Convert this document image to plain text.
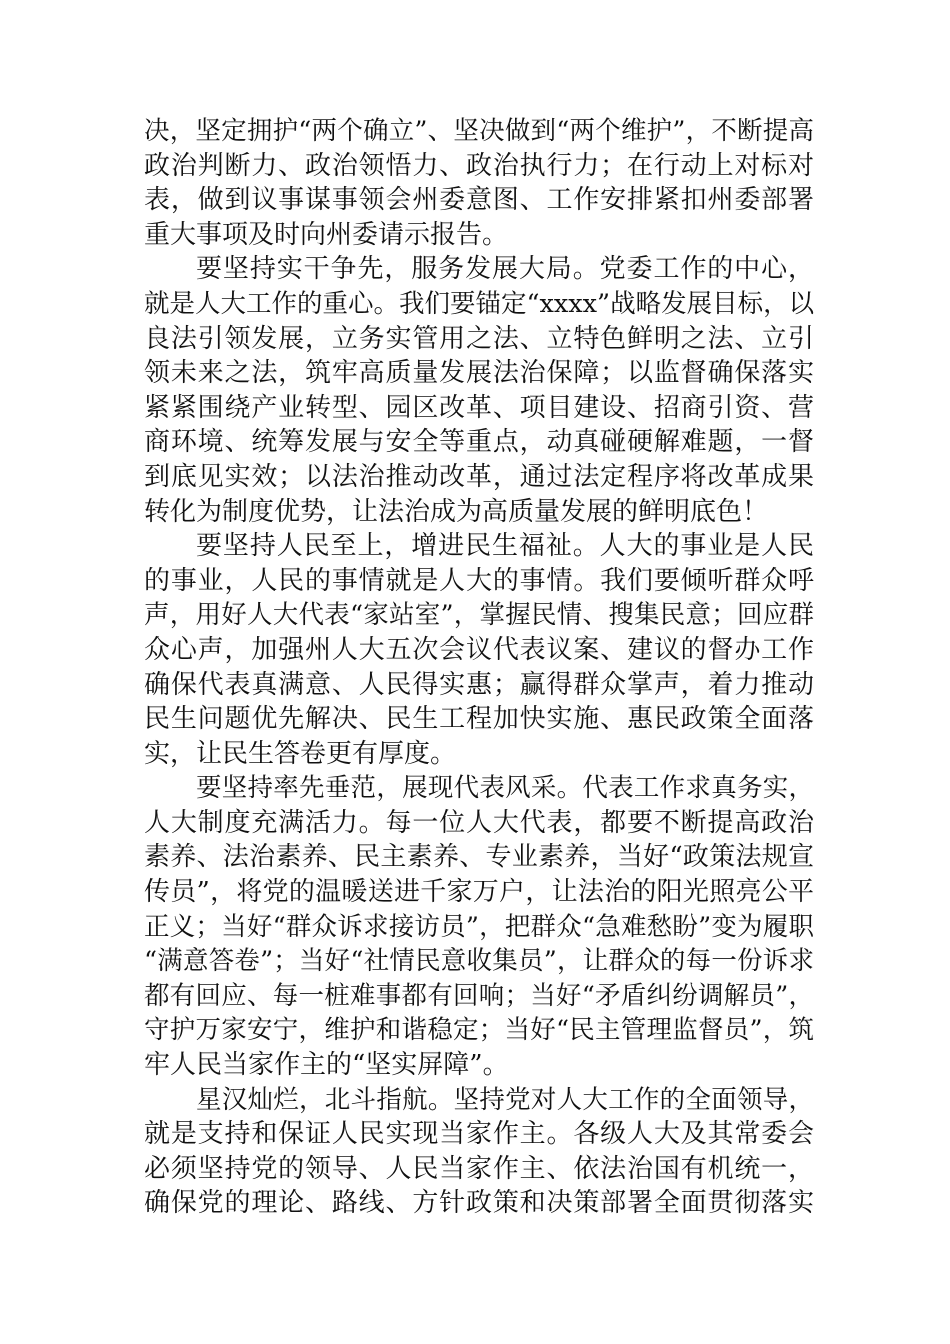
决，坚定拥护“两个确立”、坚决做到“两个维护”，不断提高
政治判断力、政治领悟力、政治执行力；在行动上对标对
表，做到议事谋事领会州委意图、工作安排紧扣州委部署
重大事项及时向州委请示报告。
要坚持实干争先，服务发展大局。党委工作的中心，
就是人大工作的重心。我们要锚定“xxxx”战略发展目标，以
良法引领发展，立务实管用之法、立特色鲜明之法、立引
领未来之法，筑牢高质量发展法治保障；以监督确保落实
紧紧围绕产业转型、园区改革、项目建设、招商引资、营
商环境、统筹发展与安全等重点，动真碰硬解难题，一督
到底见实效；以法治推动改革，通过法定程序将改革成果
转化为制度优势，让法治成为高质量发展的鲜明底色！
要坚持人民至上，增进民生福祉。人大的事业是人民
的事业，人民的事情就是人大的事情。我们要倾听群众呼
声，用好人大代表“家站室”，掌握民情、搜集民意；回应群
众心声，加强州人大五次会议代表议案、建议的督办工作
确保代表真满意、人民得实惠；赢得群众掌声，着力推动
民生问题优先解决、民生工程加快实施、惠民政策全面落
实，让民生答卷更有厚度。
要坚持率先垂范，展现代表风采。代表工作求真务实，
人大制度充满活力。每一位人大代表，都要不断提高政治
素养、法治素养、民主素养、专业素养，当好“政策法规宣
传员”，将党的温暖送进千家万户，让法治的阳光照亮公平
正义；当好“群众诉求接访员”，把群众“急难愁盼”变为履职
“满意答卷”；当好“社情民意收集员”，让群众的每一份诉求
都有回应、每一桩难事都有回响；当好“矛盾纠纷调解员”，
守护万家安宁，维护和谐稳定；当好“民主管理监督员”，筑
牢人民当家作主的“坚实屏障”。
星汉灿烂，北斗指航。坚持党对人大工作的全面领导，
就是支持和保证人民实现当家作主。各级人大及其常委会
必须坚持党的领导、人民当家作主、依法治国有机统一，
确保党的理论、路线、方针政策和决策部署全面贯彻落实
